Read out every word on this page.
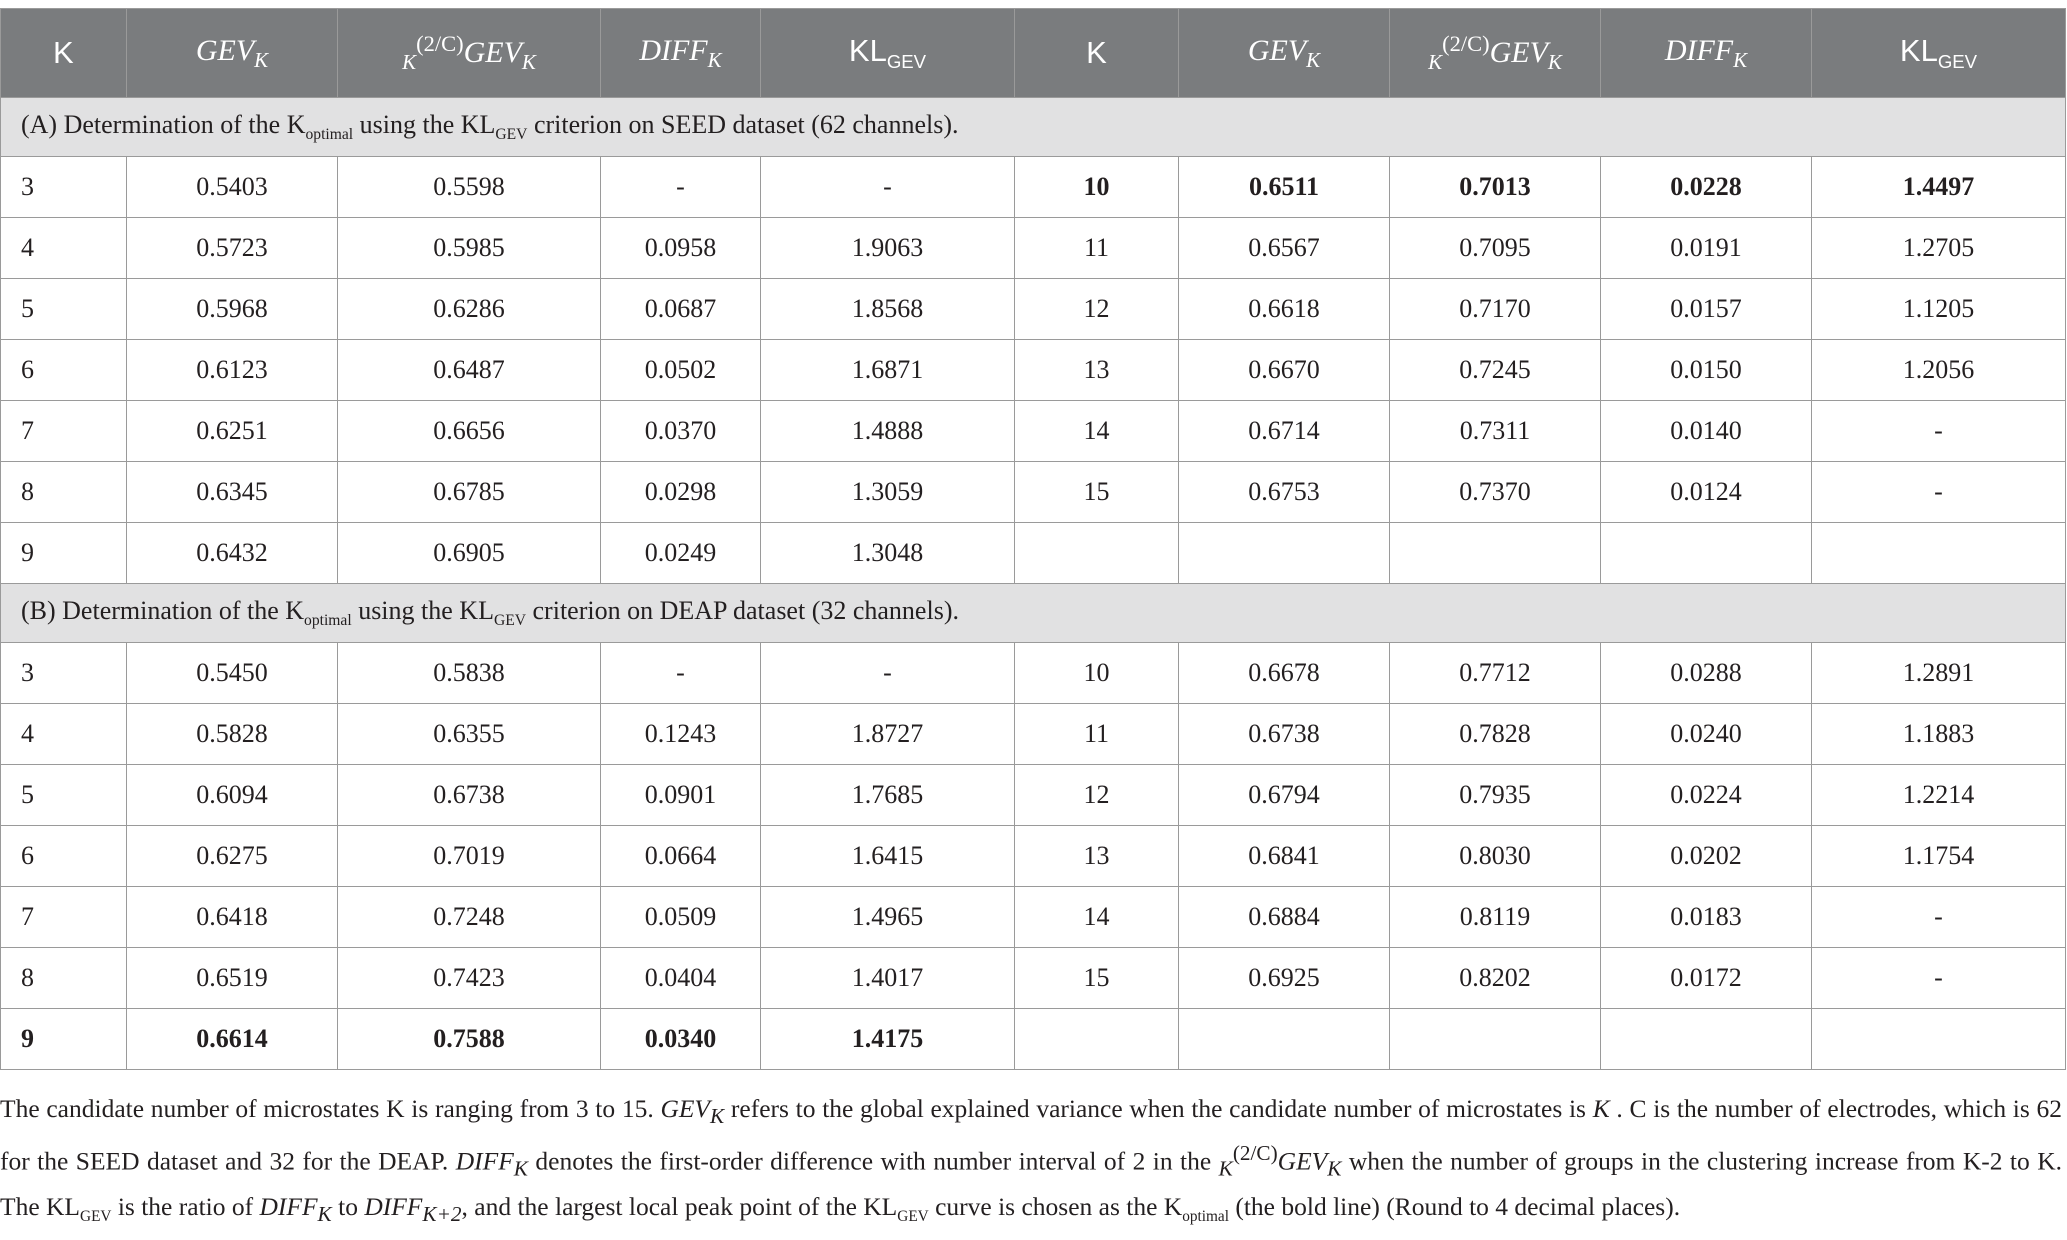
K	$GEV_K$	$_K^{(2/C)}GEV_K$	$DIFF_K$	$KL_{GEV}$	K	$GEV_K$	$_K^{(2/C)}GEV_K$	$DIFF_K$	$KL_{GEV}$
(A) Determination of the $K_{optimal}$ using the $KL_{GEV}$ criterion on SEED dataset (62 channels).									
3	0.5403	0.5598	-	-	10	0.6511	0.7013	0.0228	1.4497
4	0.5723	0.5985	0.0958	1.9063	11	0.6567	0.7095	0.0191	1.2705
5	0.5968	0.6286	0.0687	1.8568	12	0.6618	0.7170	0.0157	1.1205
6	0.6123	0.6487	0.0502	1.6871	13	0.6670	0.7245	0.0150	1.2056
7	0.6251	0.6656	0.0370	1.4888	14	0.6714	0.7311	0.0140	-
8	0.6345	0.6785	0.0298	1.3059	15	0.6753	0.7370	0.0124	-
9	0.6432	0.6905	0.0249	1.3048					
(B) Determination of the $K_{optimal}$ using the $KL_{GEV}$ criterion on DEAP dataset (32 channels).									
3	0.5450	0.5838	-	-	10	0.6678	0.7712	0.0288	1.2891
4	0.5828	0.6355	0.1243	1.8727	11	0.6738	0.7828	0.0240	1.1883
5	0.6094	0.6738	0.0901	1.7685	12	0.6794	0.7935	0.0224	1.2214
6	0.6275	0.7019	0.0664	1.6415	13	0.6841	0.8030	0.0202	1.1754
7	0.6418	0.7248	0.0509	1.4965	14	0.6884	0.8119	0.0183	-
8	0.6519	0.7423	0.0404	1.4017	15	0.6925	0.8202	0.0172	-
9	0.6614	0.7588	0.0340	1.4175					
The candidate number of microstates K is ranging from 3 to 15. $GEV_K$ refers to the global explained variance when the candidate number of microstates is K . C is the number of electrodes, which is 62 for the SEED dataset and 32 for the DEAP. $DIFF_K$ denotes the first-order difference with number interval of 2 in the $_K^{(2/C)}GEV_K$ when the number of groups in the clustering increase from K-2 to K. The $KL_{GEV}$ is the ratio of $DIFF_K$ to $DIFF_{K+2}$, and the largest local peak point of the $KL_{GEV}$ curve is chosen as the $K_{optimal}$ (the bold line) (Round to 4 decimal places).
